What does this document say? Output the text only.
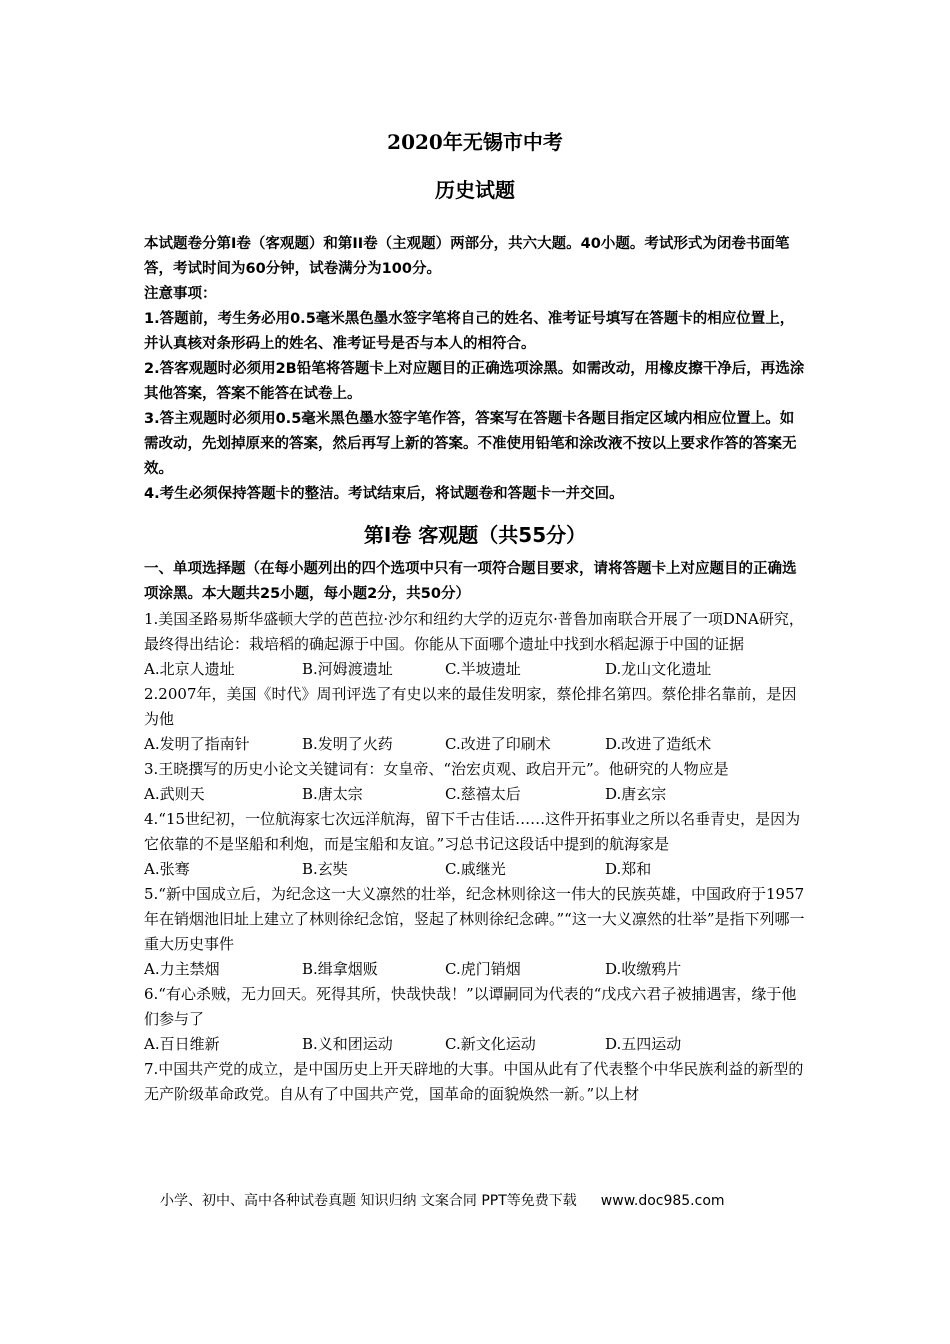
2020年无锡市中考
历史试题

本试题卷分第I卷（客观题）和第II卷（主观题）两部分，共六大题。40小题。考试形式为闭卷书面笔答，考试时间为60分钟，试卷满分为100分。

注意事项：

1.答题前，考生务必用0.5毫米黑色墨水签字笔将自己的姓名、准考证号填写在答题卡的相应位置上，并认真核对条形码上的姓名、准考证号是否与本人的相符合。

2.答客观题时必须用2B铅笔将答题卡上对应题目的正确选项涂黑。如需改动，用橡皮擦干净后，再选涂其他答案，答案不能答在试卷上。

3.答主观题时必须用0.5毫米黑色墨水签字笔作答，答案写在答题卡各题目指定区域内相应位置上。如需改动，先划掉原来的答案，然后再写上新的答案。不准使用铅笔和涂改液不按以上要求作答的答案无效。

4.考生必须保持答题卡的整洁。考试结束后，将试题卷和答题卡一并交回。

第Ⅰ卷 客观题（共55分）

一、单项选择题（在每小题列出的四个选项中只有一项符合题目要求，请将答题卡上对应题目的正确选项涂黑。本大题共25小题，每小题2分，共50分）

1.美国圣路易斯华盛顿大学的芭芭拉·沙尔和纽约大学的迈克尔·普鲁加南联合开展了一项DNA研究，最终得出结论：栽培稻的确起源于中国。你能从下面哪个遗址中找到水稻起源于中国的证据

A.北京人遗址	B.河姆渡遗址	C.半坡遗址	D.龙山文化遗址

2.2007年，美国《时代》周刊评选了有史以来的最佳发明家，蔡伦排名第四。蔡伦排名靠前，是因为他

A.发明了指南针	B.发明了火药	C.改进了印刷术	D.改进了造纸术

3.王晓撰写的历史小论文关键词有：女皇帝、“治宏贞观、政启开元”。他研究的人物应是

A.武则天	B.唐太宗	C.慈禧太后	D.唐玄宗

4.“15世纪初，一位航海家七次远洋航海，留下千古佳话……这件开拓事业之所以名垂青史，是因为它依靠的不是坚船和利炮，而是宝船和友谊。”习总书记这段话中提到的航海家是

A.张骞	B.玄奘	C.戚继光	D.郑和

5.“新中国成立后，为纪念这一大义凛然的壮举，纪念林则徐这一伟大的民族英雄，中国政府于1957年在销烟池旧址上建立了林则徐纪念馆，竖起了林则徐纪念碑。”“这一大义凛然的壮举”是指下列哪一重大历史事件

A.力主禁烟	B.缉拿烟贩	C.虎门销烟	D.收缴鸦片

6.“有心杀贼，无力回天。死得其所，快哉快哉！”以谭嗣同为代表的“戊戌六君子被捕遇害，缘于他们参与了

A.百日维新	B.义和团运动	C.新文化运动	D.五四运动

7.中国共产党的成立，是中国历史上开天辟地的大事。中国从此有了代表整个中华民族利益的新型的无产阶级革命政党。自从有了中国共产党，国革命的面貌焕然一新。”以上材

小学、初中、高中各种试卷真题 知识归纳 文案合同 PPT等免费下载 www.doc985.com
